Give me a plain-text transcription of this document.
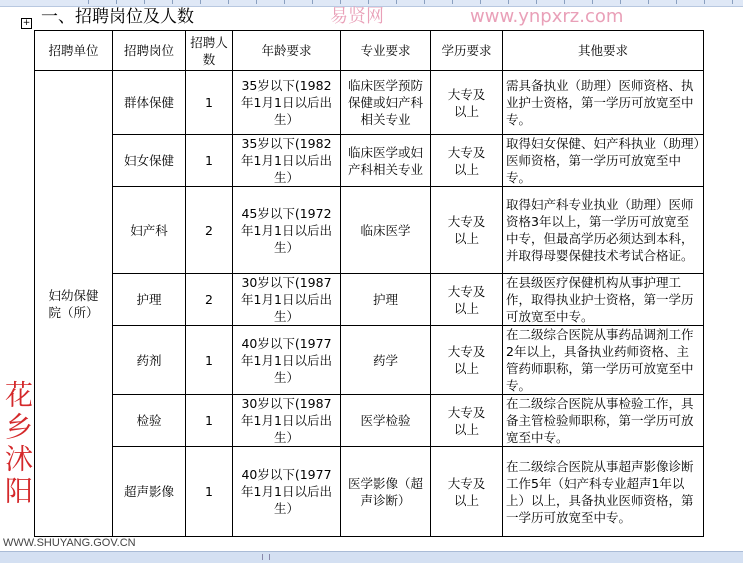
+ 一、招聘岗位及人数	易贤网	www.ynpxrz.com
招聘单位	招聘岗位	招聘人数	年龄要求	专业要求	学历要求	其他要求
妇幼保健院（所）	群体保健	1	35岁以下(1982年1月1日以后出生）	临床医学预防保健或妇产科相关专业	大专及以上	需具备执业（助理）医师资格、执业护士资格，第一学历可放宽至中专。
	妇女保健	1	35岁以下(1982年1月1日以后出生）	临床医学或妇产科相关专业	大专及以上	取得妇女保健、妇产科执业（助理）医师资格，第一学历可放宽至中专。
	妇产科	2	45岁以下(1972年1月1日以后出生）	临床医学	大专及以上	取得妇产科专业执业（助理）医师资格3年以上，第一学历可放宽至中专，但最高学历必须达到本科，并取得母婴保健技术考试合格证。
	护理	2	30岁以下(1987年1月1日以后出生）	护理	大专及以上	在县级医疗保健机构从事护理工作，取得执业护士资格，第一学历可放宽至中专。
	药剂	1	40岁以下(1977年1月1日以后出生）	药学	大专及以上	在二级综合医院从事药品调剂工作2年以上，具备执业药师资格、主管药师职称，第一学历可放宽至中专。
	检验	1	30岁以下(1987年1月1日以后出生）	医学检验	大专及以上	在二级综合医院从事检验工作，具备主管检验师职称，第一学历可放宽至中专。
	超声影像	1	40岁以下(1977年1月1日以后出生）	医学影像（超声诊断）	大专及以上	在二级综合医院从事超声影像诊断工作5年（妇产科专业超声1年以上）以上，具备执业医师资格，第一学历可放宽至中专。
花乡沭阳
WWW.SHUYANG.GOV.CN
